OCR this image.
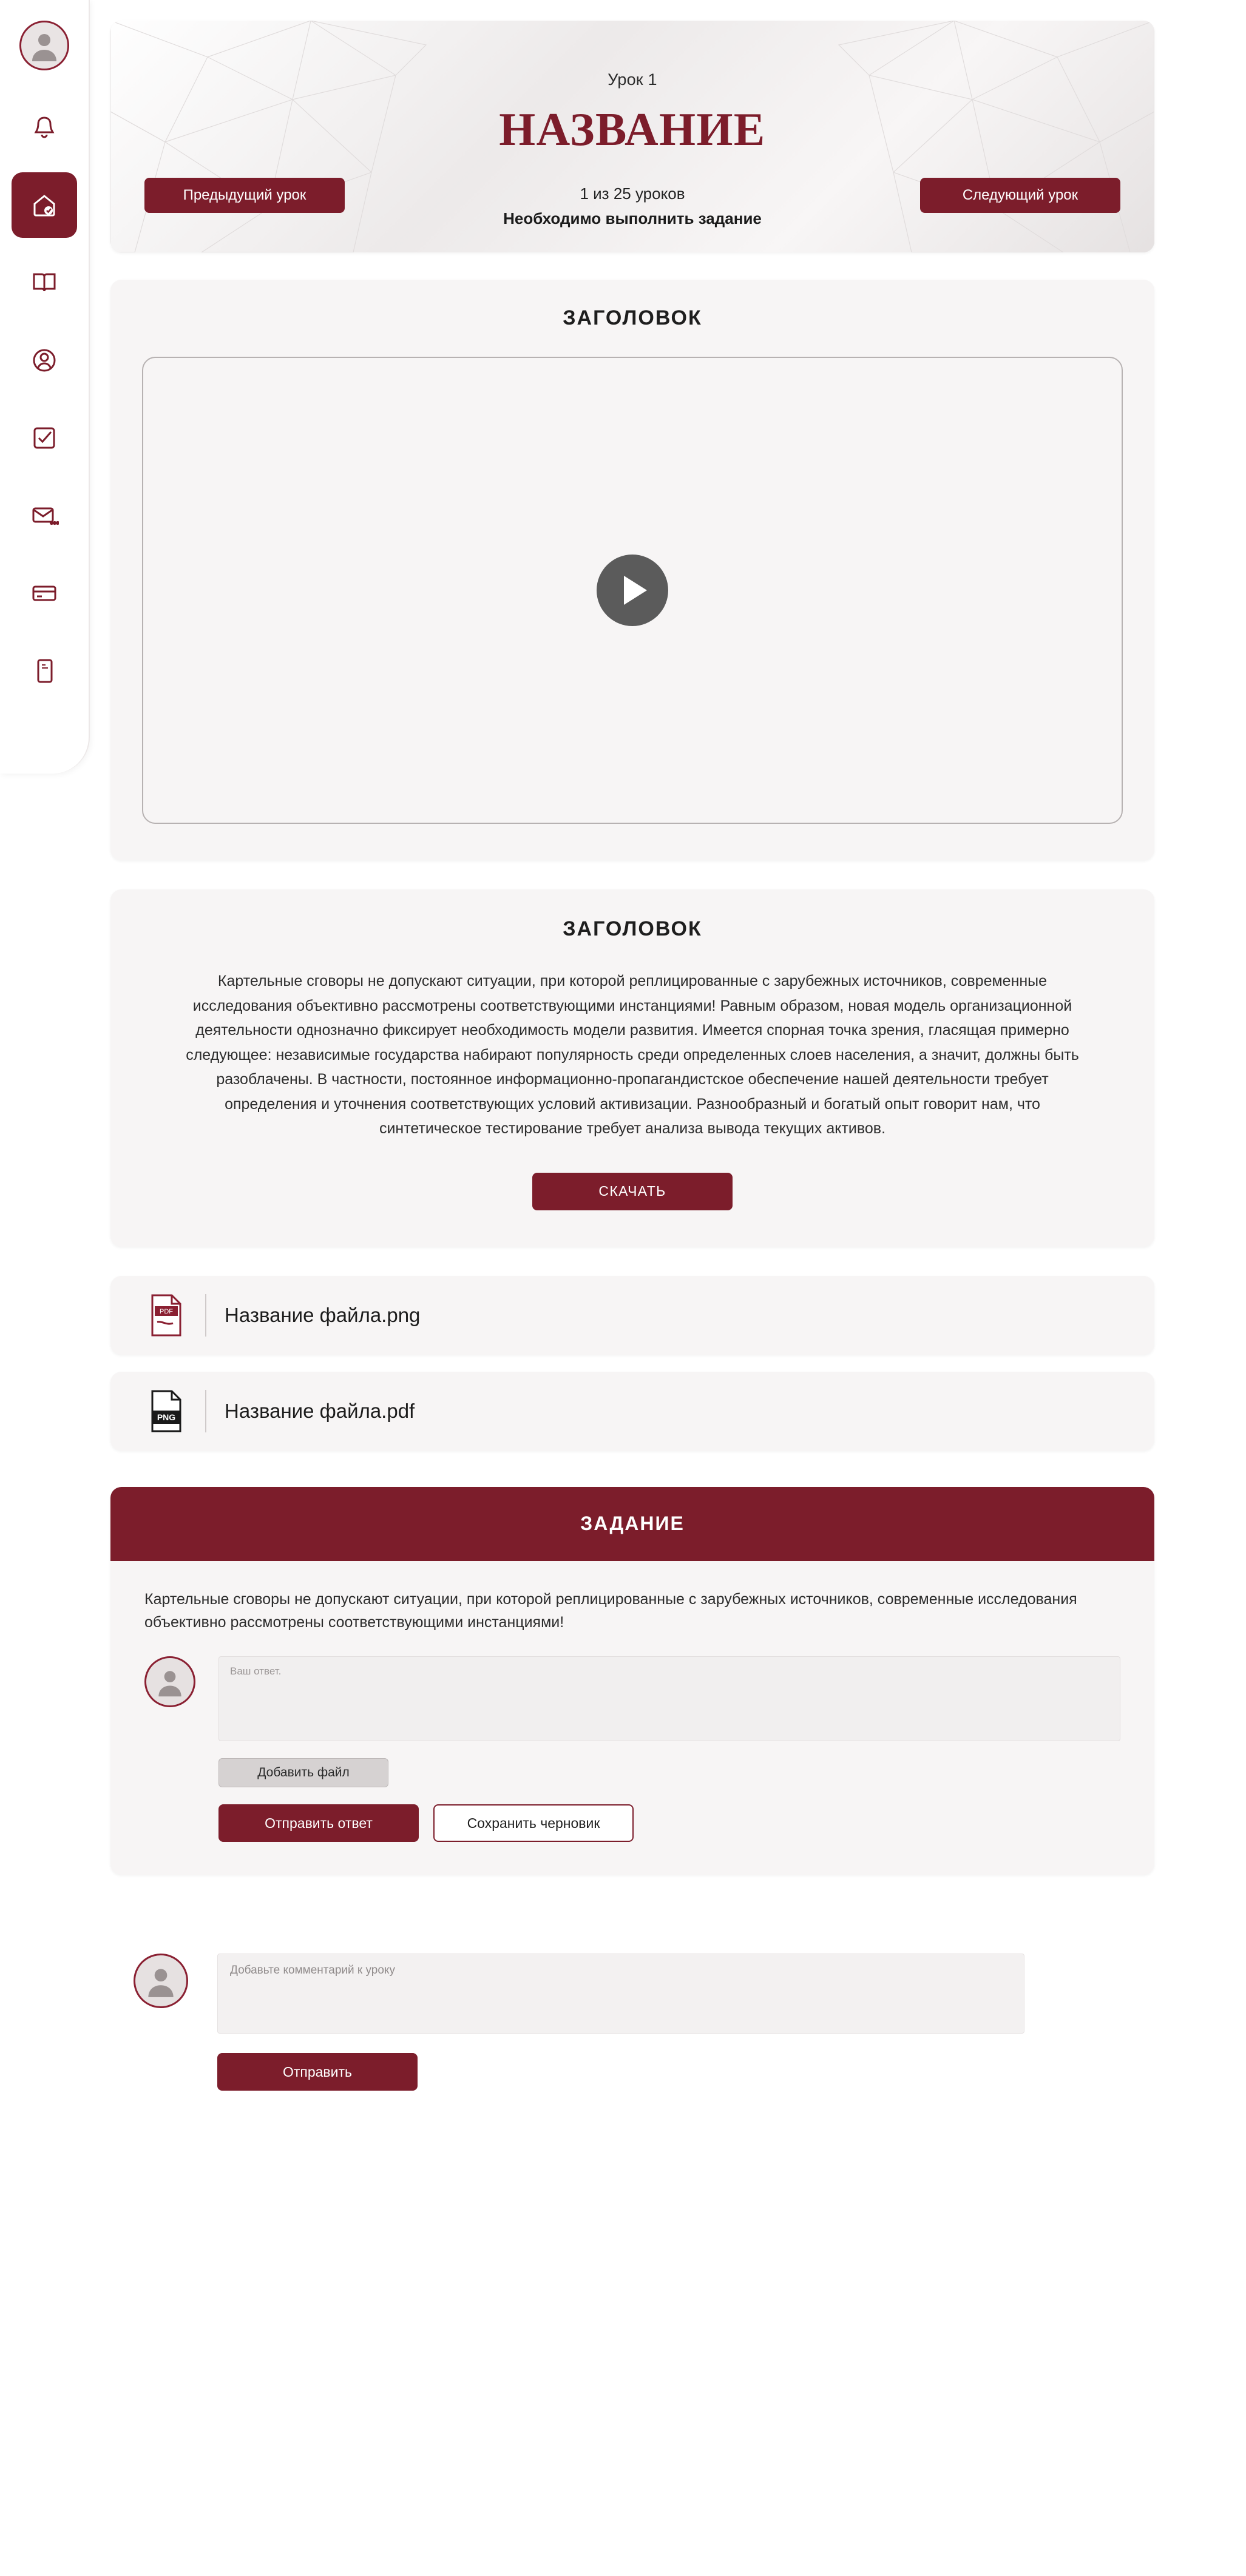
Урок 1
НАЗВАНИЕ
1 из 25 уроков
Необходимо выполнить задание
Предыдущий урок	Следующий урок
ЗАГОЛОВОК
ЗАГОЛОВОК
Картельные сговоры не допускают ситуации, при которой реплицированные с зарубежных источников, современные исследования объективно рассмотрены соответствующими инстанциями! Равным образом, новая модель организационной деятельности однозначно фиксирует необходимость модели развития. Имеется спорная точка зрения, гласящая примерно следующее: независимые государства набирают популярность среди определенных слоев населения, а значит, должны быть разоблачены. В частности, постоянное информационно-пропагандистское обеспечение нашей деятельности требует определения и уточнения соответствующих условий активизации. Разнообразный и богатый опыт говорит нам, что синтетическое тестирование требует анализа вывода текущих активов.
СКАЧАТЬ
PDF	Название файла.png
PNG Название файла.pdf
ЗАДАНИЕ
Картельные сговоры не допускают ситуации, при которой реплицированные с зарубежных источников, современные исследования объективно рассмотрены соответствующими инстанциями!
Ваш ответ.
Добавить файл
Отправить ответ	Сохранить черновик
Добавьте комментарий к уроку
Отправить
